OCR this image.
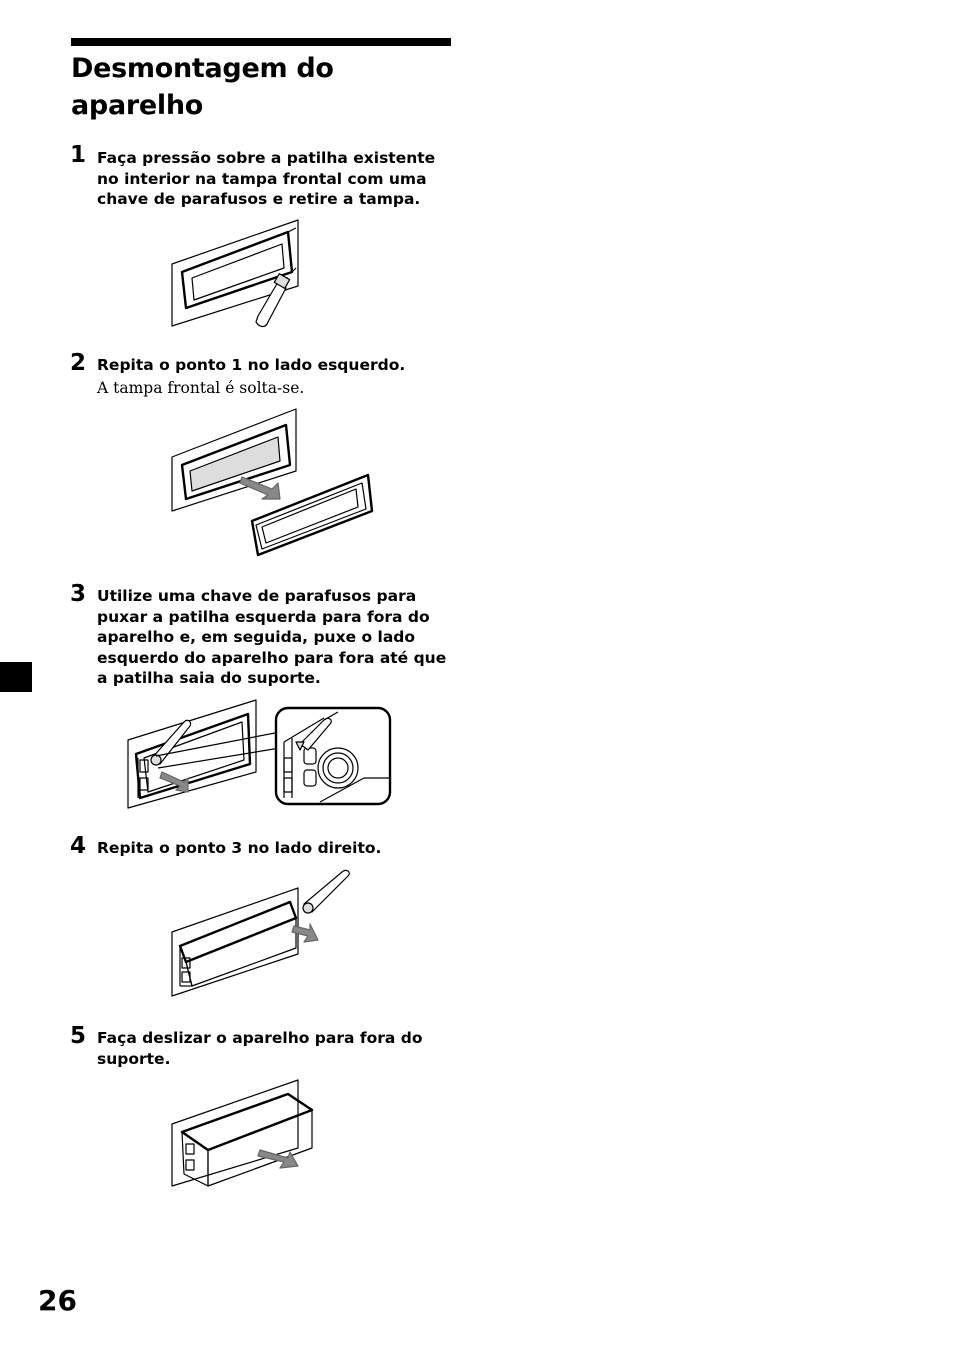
Desmontagem do aparelho
1 Faça pressão sobre a patilha existente no interior na tampa frontal com uma chave de parafusos e retire a tampa.
2 Repita o ponto 1 no lado esquerdo.
A tampa frontal é solta-se.
3 Utilize uma chave de parafusos para puxar a patilha esquerda para fora do aparelho e, em seguida, puxe o lado esquerdo do aparelho para fora até que a patilha saia do suporte.
4 Repita o ponto 3 no lado direito.
5 Faça deslizar o aparelho para fora do suporte.
26
